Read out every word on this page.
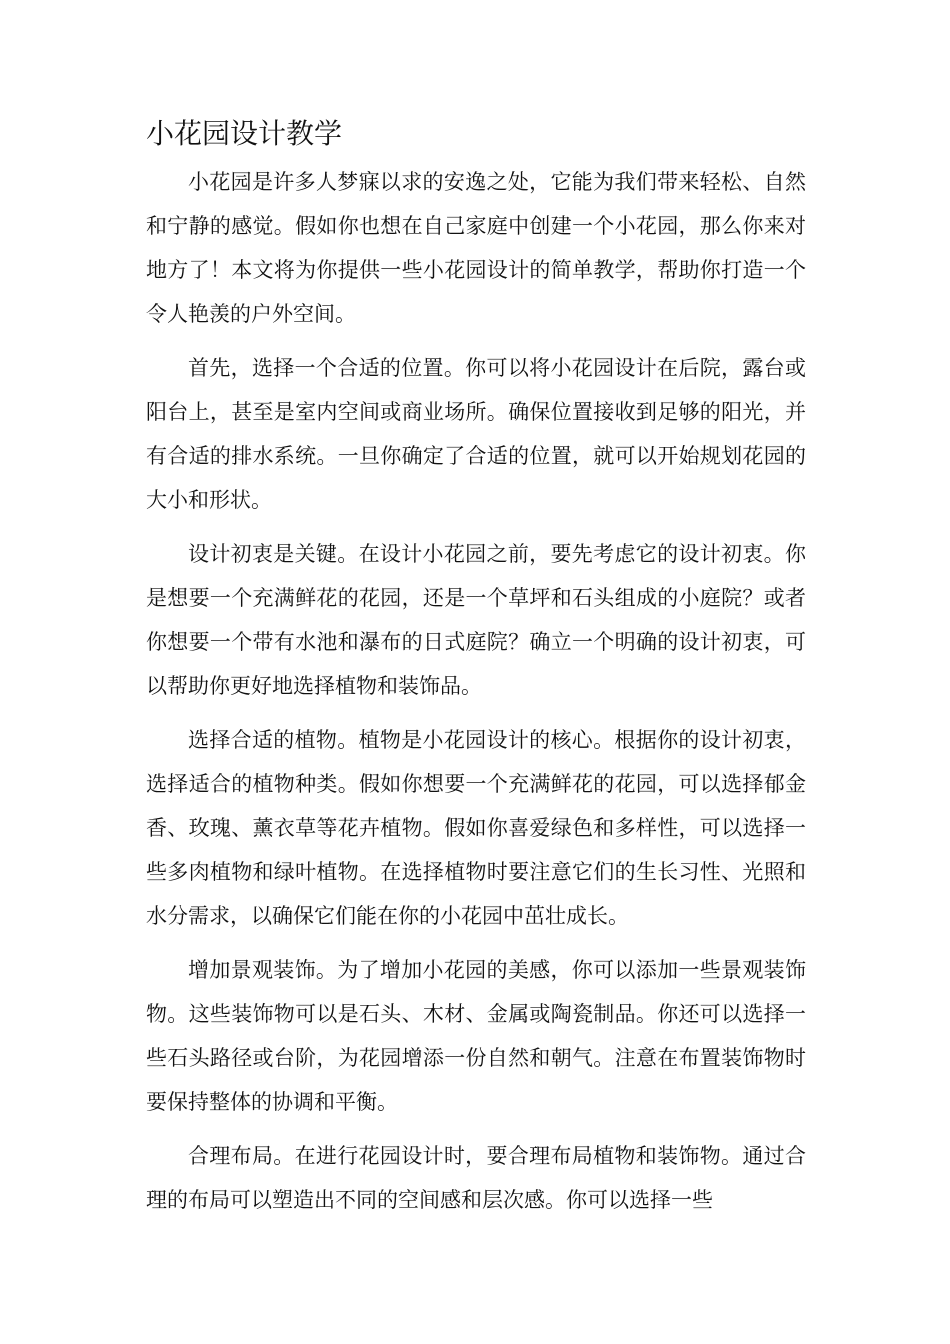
小花园设计教学

小花园是许多人梦寐以求的安逸之处，它能为我们带来轻松、自然和宁静的感觉。假如你也想在自己家庭中创建一个小花园，那么你来对地方了！本文将为你提供一些小花园设计的简单教学，帮助你打造一个令人艳羡的户外空间。

首先，选择一个合适的位置。你可以将小花园设计在后院，露台或阳台上，甚至是室内空间或商业场所。确保位置接收到足够的阳光，并有合适的排水系统。一旦你确定了合适的位置，就可以开始规划花园的大小和形状。

设计初衷是关键。在设计小花园之前，要先考虑它的设计初衷。你是想要一个充满鲜花的花园，还是一个草坪和石头组成的小庭院？或者你想要一个带有水池和瀑布的日式庭院？确立一个明确的设计初衷，可以帮助你更好地选择植物和装饰品。

选择合适的植物。植物是小花园设计的核心。根据你的设计初衷，选择适合的植物种类。假如你想要一个充满鲜花的花园，可以选择郁金香、玫瑰、薰衣草等花卉植物。假如你喜爱绿色和多样性，可以选择一些多肉植物和绿叶植物。在选择植物时要注意它们的生长习性、光照和水分需求，以确保它们能在你的小花园中茁壮成长。

增加景观装饰。为了增加小花园的美感，你可以添加一些景观装饰物。这些装饰物可以是石头、木材、金属或陶瓷制品。你还可以选择一些石头路径或台阶，为花园增添一份自然和朝气。注意在布置装饰物时要保持整体的协调和平衡。

合理布局。在进行花园设计时，要合理布局植物和装饰物。通过合理的布局可以塑造出不同的空间感和层次感。你可以选择一些
